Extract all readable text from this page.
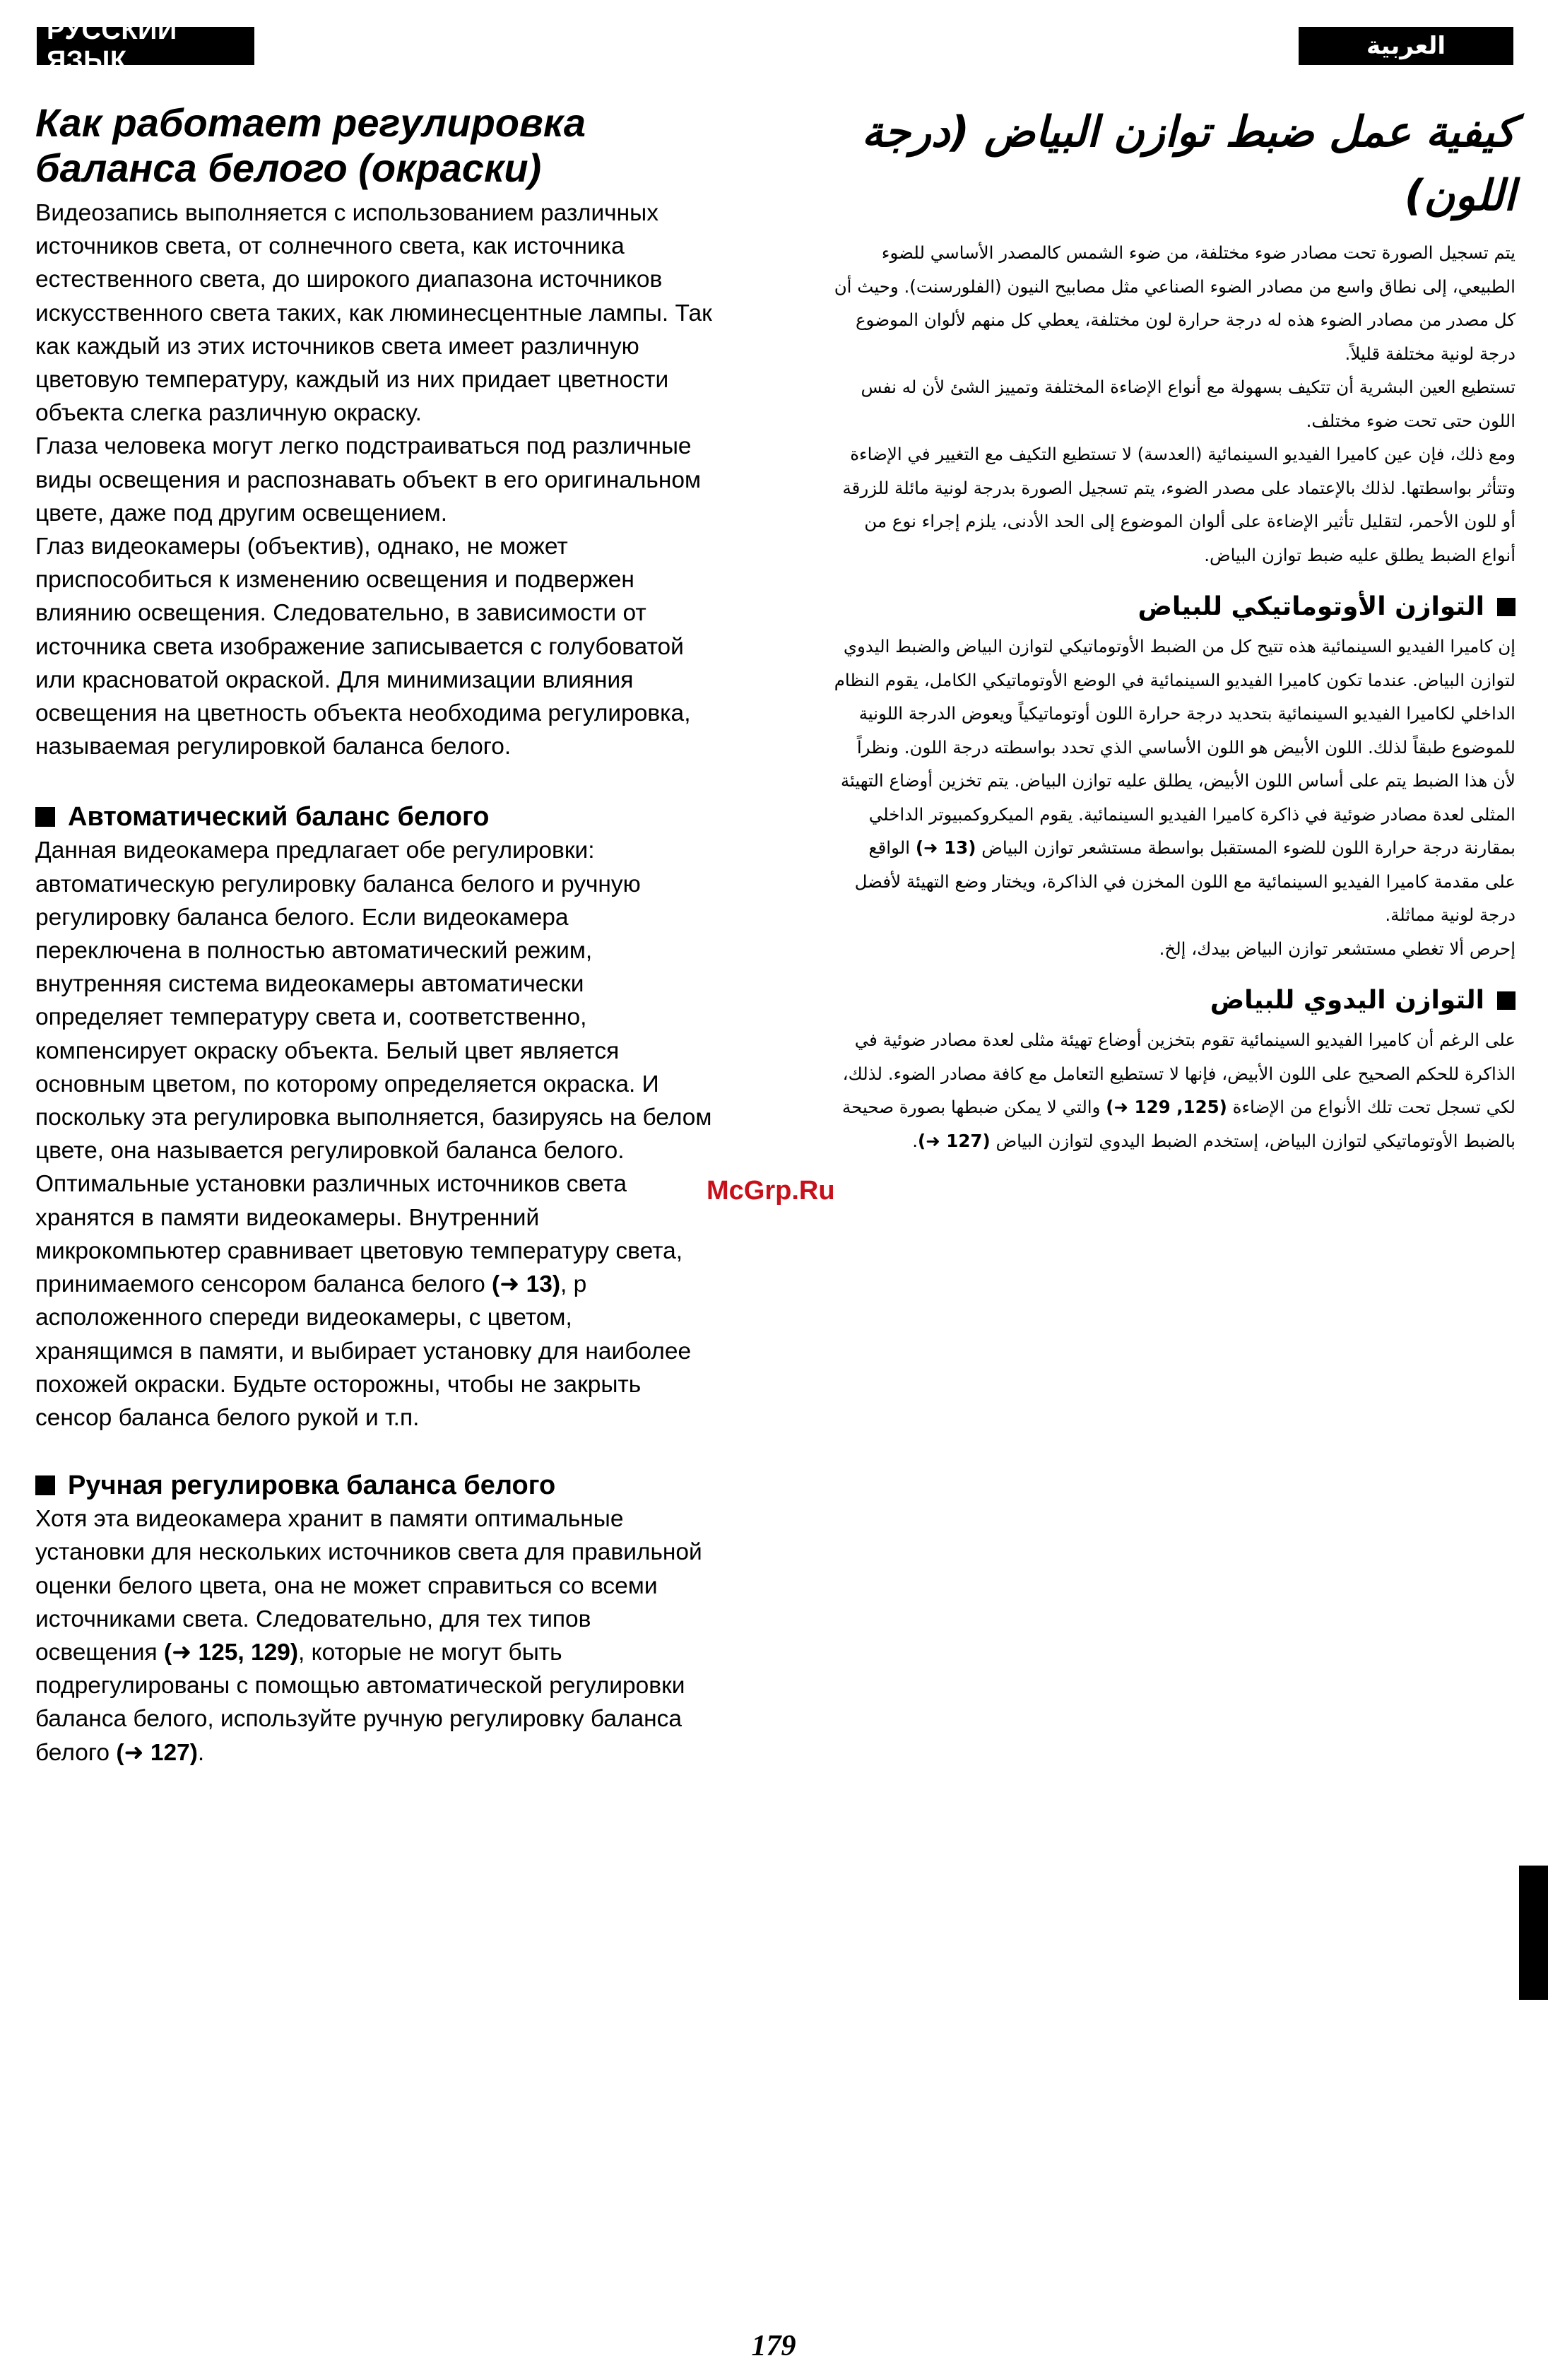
РУССКИЙ ЯЗЫК	العربية
Как работает регулировка
баланса белого (окраски)

Видеозапись выполняется с использованием различных источников света, от солнечного света, как источника естественного света, до широкого диапазона источников искусственного света таких, как люминесцентные лампы. Так как каждый из этих источников света имеет различную цветовую температуру, каждый из них придает цветности объекта слегка различную окраску.

Глаза человека могут легко подстраиваться под различные виды освещения и распознавать объект в его оригинальном цвете, даже под другим освещением.

Глаз видеокамеры (объектив), однако, не может приспособиться к изменению освещения и подвержен влиянию освещения. Следовательно, в зависимости от источника света изображение записывается с голубоватой или красноватой окраской. Для минимизации влияния освещения на цветность объекта необходима регулировка, называемая регулировкой баланса белого.

Автоматический баланс белого

Данная видеокамера предлагает обе регулировки: автоматическую регулировку баланса белого и ручную регулировку баланса белого. Если видеокамера переключена в полностью автоматический режим, внутренняя система видеокамеры автоматически определяет температуру света и, соответственно, компенсирует окраску объекта. Белый цвет является основным цветом, по которому определяется окраска. И поскольку эта регулировка выполняется, базируясь на белом цвете, она называется регулировкой баланса белого. Оптимальные установки различных источников света хранятся в памяти видеокамеры. Внутренний микрокомпьютер сравнивает цветовую температуру света, принимаемого сенсором баланса белого (➜ 13), р асположенного спереди видеокамеры, с цветом, хранящимся в памяти, и выбирает установку для наиболее похожей окраски. Будьте осторожны, чтобы не закрыть сенсор баланса белого рукой и т.п.

Ручная регулировка баланса белого

Хотя эта видеокамера хранит в памяти оптимальные установки для нескольких источников света для правильной оценки белого цвета, она не может справиться со всеми источниками света. Следовательно, для тех типов освещения (➜ 125, 129), которые не могут быть подрегулированы с помощью автоматической регулировки баланса белого, используйте ручную регулировку баланса белого (➜ 127).

كيفية عمل ضبط توازن البياض (درجة اللون)

يتم تسجيل الصورة تحت مصادر ضوء مختلفة، من ضوء الشمس كالمصدر الأساسي للضوء الطبيعي، إلى نطاق واسع من مصادر الضوء الصناعي مثل مصابيح النيون (الفلورسنت). وحيث أن كل مصدر من مصادر الضوء هذه له درجة حرارة لون مختلفة، يعطي كل منهم لألوان الموضوع درجة لونية مختلفة قليلاً.

تستطيع العين البشرية أن تتكيف بسهولة مع أنواع الإضاءة المختلفة وتمييز الشئ لأن له نفس اللون حتى تحت ضوء مختلف.

ومع ذلك، فإن عين كاميرا الفيديو السينمائية (العدسة) لا تستطيع التكيف مع التغيير في الإضاءة وتتأثر بواسطتها. لذلك بالإعتماد على مصدر الضوء، يتم تسجيل الصورة بدرجة لونية مائلة للزرقة أو للون الأحمر، لتقليل تأثير الإضاءة على ألوان الموضوع إلى الحد الأدنى، يلزم إجراء نوع من أنواع الضبط يطلق عليه ضبط توازن البياض.

التوازن الأوتوماتيكي للبياض

إن كاميرا الفيديو السينمائية هذه تتيح كل من الضبط الأوتوماتيكي لتوازن البياض والضبط اليدوي لتوازن البياض. عندما تكون كاميرا الفيديو السينمائية في الوضع الأوتوماتيكي الكامل، يقوم النظام الداخلي لكاميرا الفيديو السينمائية بتحديد درجة حرارة اللون أوتوماتيكياً ويعوض الدرجة اللونية للموضوع طبقاً لذلك. اللون الأبيض هو اللون الأساسي الذي تحدد بواسطته درجة اللون. ونظراً لأن هذا الضبط يتم على أساس اللون الأبيض، يطلق عليه توازن البياض. يتم تخزين أوضاع التهيئة المثلى لعدة مصادر ضوئية في ذاكرة كاميرا الفيديو السينمائية. يقوم الميكروكمبيوتر الداخلي بمقارنة درجة حرارة اللون للضوء المستقبل بواسطة مستشعر توازن البياض (13 ➜) الواقع على مقدمة كاميرا الفيديو السينمائية مع اللون المخزن في الذاكرة، ويختار وضع التهيئة لأفضل درجة لونية مماثلة.

إحرص ألا تغطي مستشعر توازن البياض بيدك، إلخ.

التوازن اليدوي للبياض

على الرغم أن كاميرا الفيديو السينمائية تقوم بتخزين أوضاع تهيئة مثلى لعدة مصادر ضوئية في الذاكرة للحكم الصحيح على اللون الأبيض، فإنها لا تستطيع التعامل مع كافة مصادر الضوء. لذلك، لكي تسجل تحت تلك الأنواع من الإضاءة (125, 129 ➜) والتي لا يمكن ضبطها بصورة صحيحة بالضبط الأوتوماتيكي لتوازن البياض، إستخدم الضبط اليدوي لتوازن البياض (127 ➜).

McGrp.Ru
179
